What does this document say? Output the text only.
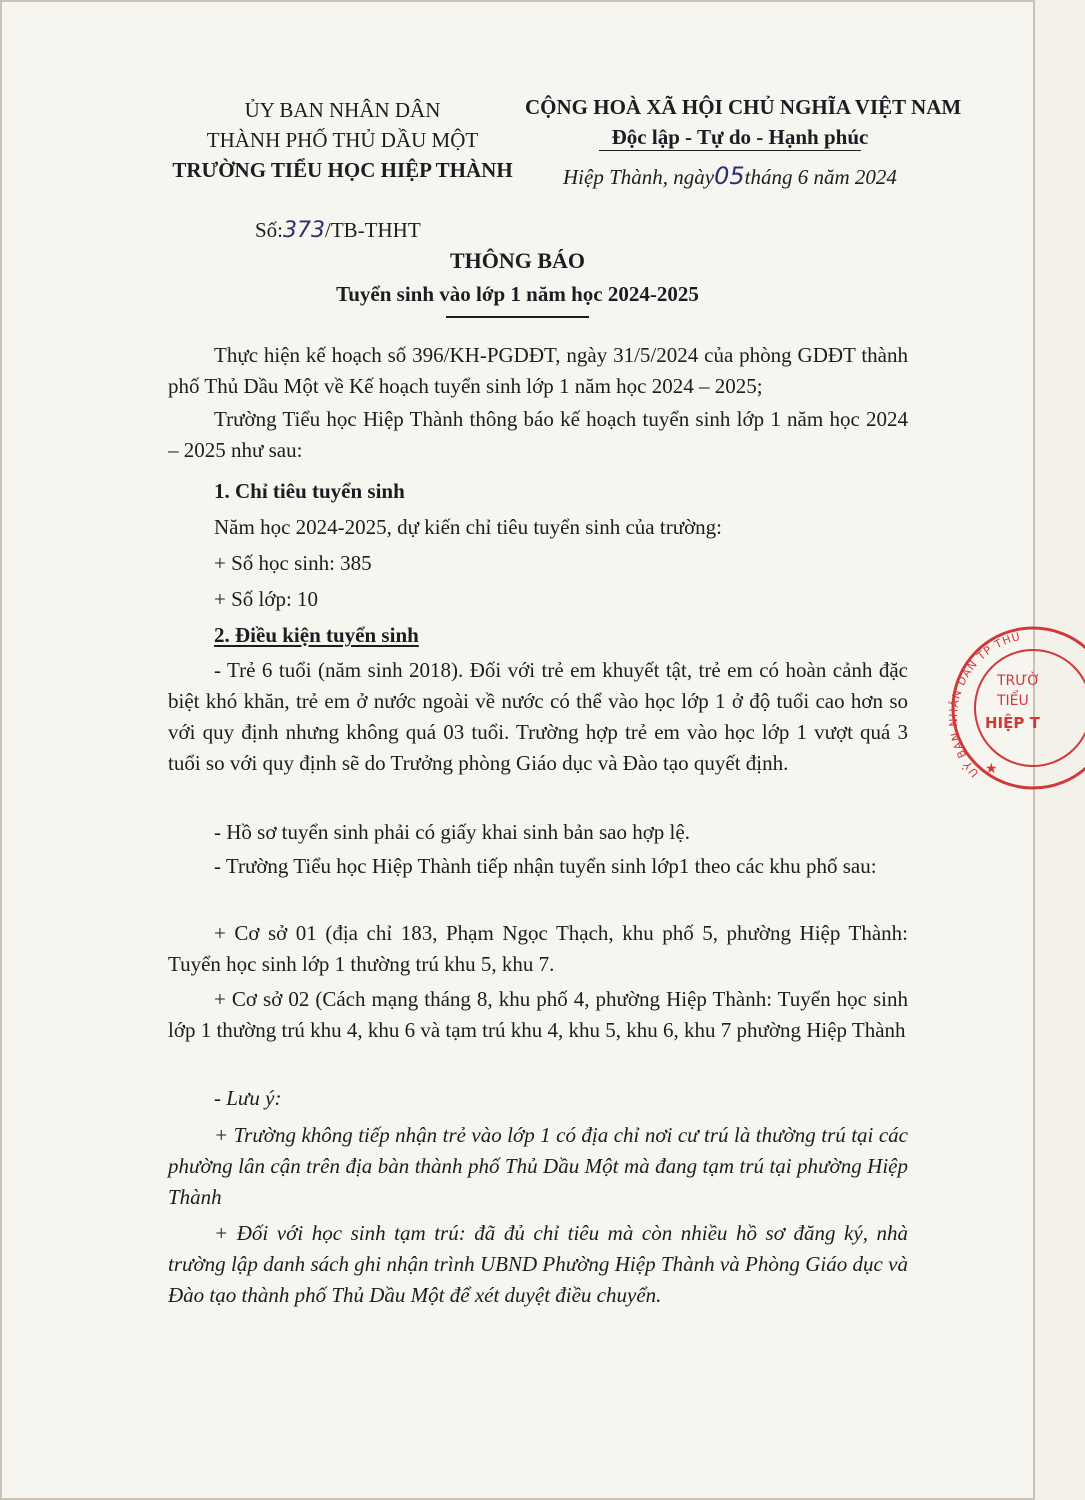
ỦY BAN NHÂN DÂN
THÀNH PHỐ THỦ DẦU MỘT
TRƯỜNG TIỂU HỌC HIỆP THÀNH
CỘNG HOÀ XÃ HỘI CHỦ NGHĨA VIỆT NAM
Độc lập - Tự do - Hạnh phúc
Hiệp Thành, ngày05tháng 6 năm 2024
Số:373/TB-THHT
THÔNG BÁO
Tuyển sinh vào lớp 1 năm học 2024-2025
Thực hiện kế hoạch số 396/KH-PGDĐT, ngày 31/5/2024 của phòng GDĐT thành phố Thủ Dầu Một về Kế hoạch tuyển sinh lớp 1 năm học 2024 – 2025;
Trường Tiểu học Hiệp Thành thông báo kế hoạch tuyển sinh lớp 1 năm học 2024 – 2025 như sau:
1. Chỉ tiêu tuyển sinh
Năm học 2024-2025, dự kiến chỉ tiêu tuyển sinh của trường:
+ Số học sinh: 385
+ Số lớp: 10
2. Điều kiện tuyển sinh
- Trẻ 6 tuổi (năm sinh 2018). Đối với trẻ em khuyết tật, trẻ em có hoàn cảnh đặc biệt khó khăn, trẻ em ở nước ngoài về nước có thể vào học lớp 1 ở độ tuổi cao hơn so với quy định nhưng không quá 03 tuổi. Trường hợp trẻ em vào học lớp 1 vượt quá 3 tuổi so với quy định sẽ do Trưởng phòng Giáo dục và Đào tạo quyết định.
- Hồ sơ tuyển sinh phải có giấy khai sinh bản sao hợp lệ.
- Trường Tiểu học Hiệp Thành tiếp nhận tuyển sinh lớp1 theo các khu phố sau:
+ Cơ sở 01 (địa chỉ 183, Phạm Ngọc Thạch, khu phố 5, phường Hiệp Thành: Tuyển học sinh lớp 1 thường trú khu 5, khu 7.
+ Cơ sở 02 (Cách mạng tháng 8, khu phố 4, phường Hiệp Thành: Tuyển học sinh lớp 1 thường trú khu 4, khu 6 và tạm trú khu 4, khu 5, khu 6, khu 7 phường Hiệp Thành
- Lưu ý:
+ Trường không tiếp nhận trẻ vào lớp 1 có địa chỉ nơi cư trú là thường trú tại các phường lân cận trên địa bàn thành phố Thủ Dầu Một mà đang tạm trú tại phường Hiệp Thành
+ Đối với học sinh tạm trú: đã đủ chỉ tiêu mà còn nhiều hồ sơ đăng ký, nhà trường lập danh sách ghi nhận trình UBND Phường Hiệp Thành và Phòng Giáo dục và Đào tạo thành phố Thủ Dầu Một để xét duyệt điều chuyển.
UỶ BAN NHÂN DÂN TP THỦ
TRƯỜ
TIỂU
HIỆP T
★
